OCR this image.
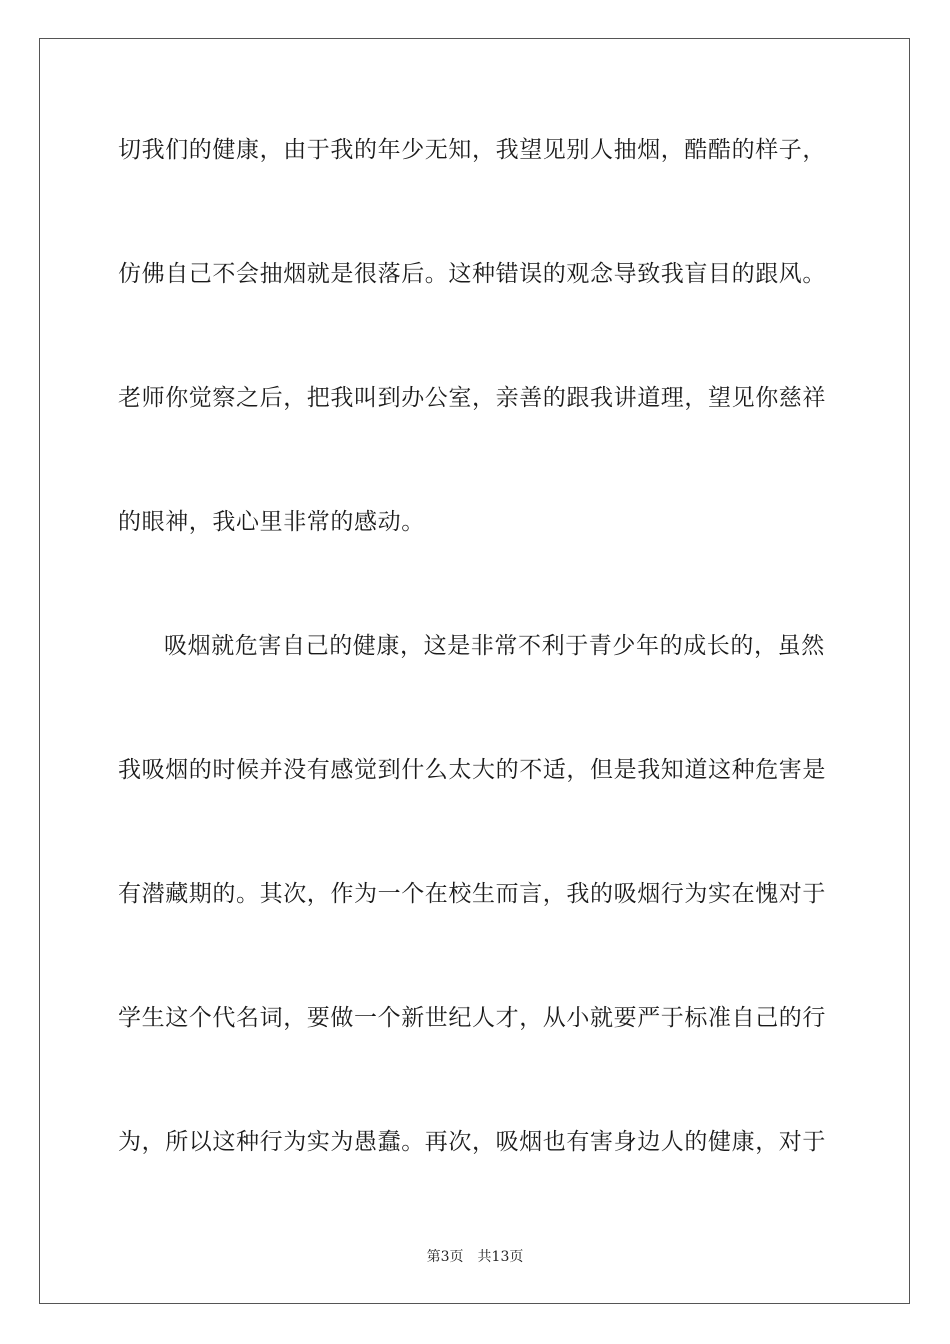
切我们的健康，由于我的年少无知，我望见别人抽烟，酷酷的样子，
仿佛自己不会抽烟就是很落后。这种错误的观念导致我盲目的跟风。
老师你觉察之后，把我叫到办公室，亲善的跟我讲道理，望见你慈祥
的眼神，我心里非常的感动。
吸烟就危害自己的健康，这是非常不利于青少年的成长的，虽然
我吸烟的时候并没有感觉到什么太大的不适，但是我知道这种危害是
有潜藏期的。其次，作为一个在校生而言，我的吸烟行为实在愧对于
学生这个代名词，要做一个新世纪人才，从小就要严于标准自己的行
为，所以这种行为实为愚蠢。再次，吸烟也有害身边人的健康，对于
第3页　共13页
